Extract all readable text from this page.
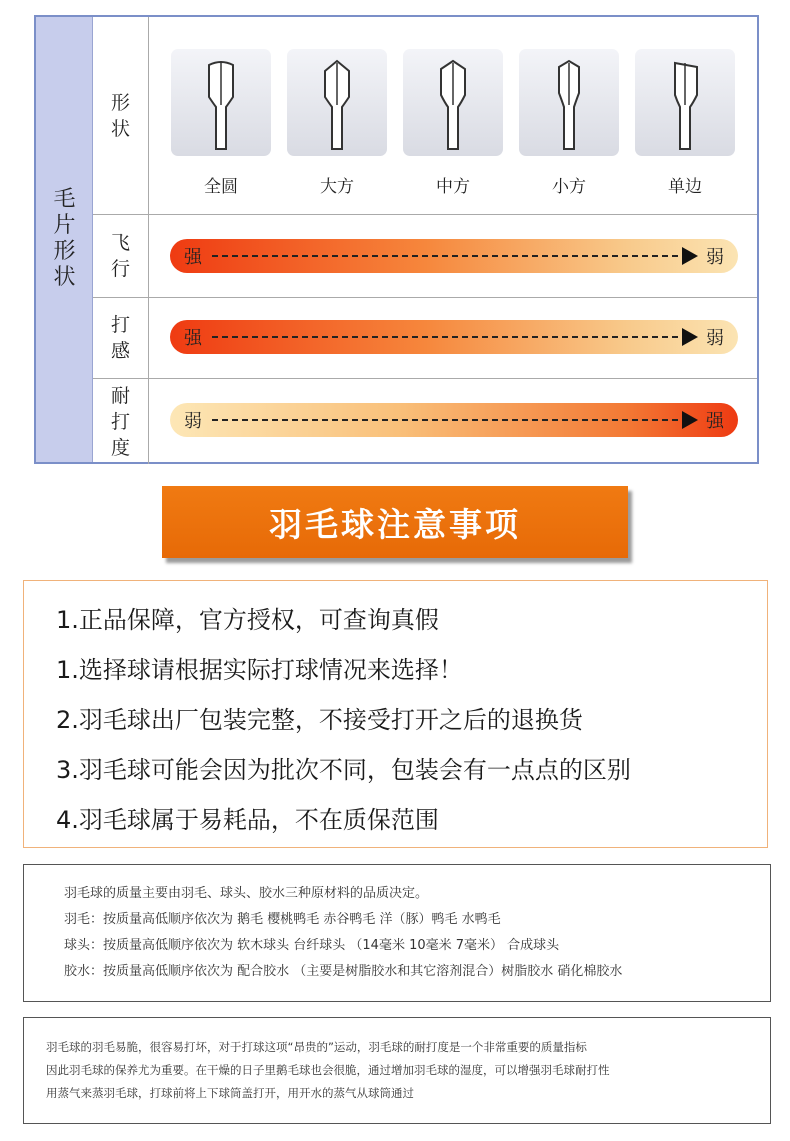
毛
片
形
状
形
状
全圆	大方	中方	小方	单边
飞
行
强	弱
打
感
强	弱
耐
打
度
弱	强
羽毛球注意事项
1.正品保障，官方授权，可查询真假
1.选择球请根据实际打球情况来选择！
2.羽毛球出厂包装完整，不接受打开之后的退换货
3.羽毛球可能会因为批次不同，包装会有一点点的区别
4.羽毛球属于易耗品，不在质保范围
羽毛球的质量主要由羽毛、球头、胶水三种原材料的品质决定。
羽毛：按质量高低顺序依次为 鹅毛 樱桃鸭毛 赤谷鸭毛 洋（豚）鸭毛 水鸭毛
球头：按质量高低顺序依次为 软木球头 台纤球头 （14毫米 10毫米 7毫米） 合成球头
胶水：按质量高低顺序依次为 配合胶水 （主要是树脂胶水和其它溶剂混合）树脂胶水 硝化棉胶水
羽毛球的羽毛易脆，很容易打坏，对于打球这项“昂贵的”运动，羽毛球的耐打度是一个非常重要的质量指标
因此羽毛球的保养尤为重要。在干燥的日子里鹅毛球也会很脆，通过增加羽毛球的湿度，可以增强羽毛球耐打性
用蒸气来蒸羽毛球，打球前将上下球筒盖打开，用开水的蒸气从球筒通过
